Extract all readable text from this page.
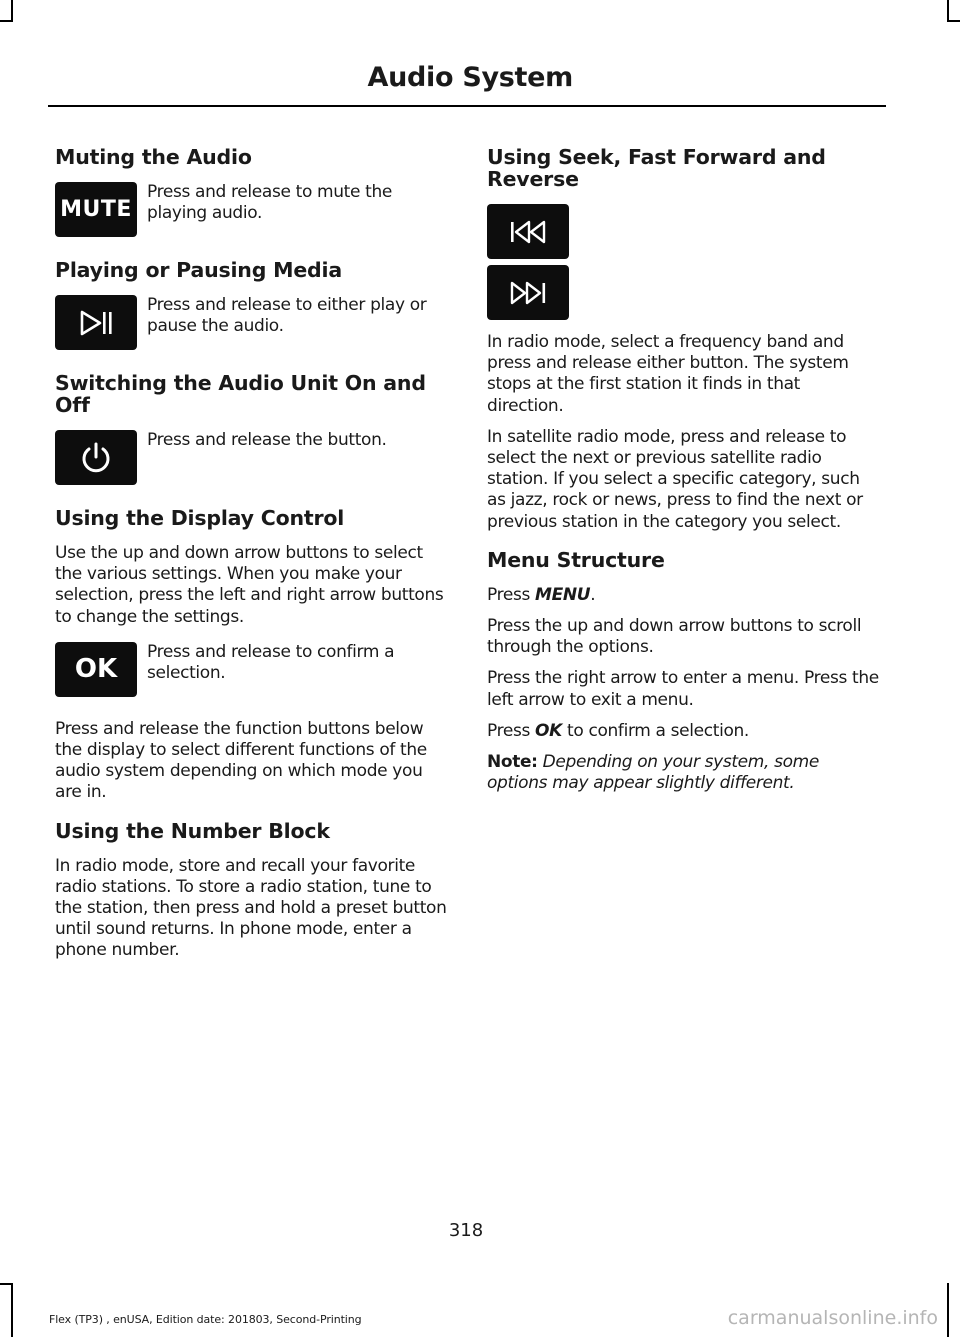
Audio System
Muting the Audio
MUTE

Press and release to mute the playing audio.

Playing or Pausing Media

Press and release to either play or pause the audio.

Switching the Audio Unit On and Off

Press and release the button.

Using the Display Control

Use the up and down arrow buttons to select the various settings. When you make your selection, press the left and right arrow buttons to change the settings.

OK

Press and release to confirm a selection.

Press and release the function buttons below the display to select different functions of the audio system depending on which mode you are in.

Using the Number Block

In radio mode, store and recall your favorite radio stations. To store a radio station, tune to the station, then press and hold a preset button until sound returns. In phone mode, enter a phone number.

Using Seek, Fast Forward and Reverse

In radio mode, select a frequency band and press and release either button. The system stops at the first station it finds in that direction.

In satellite radio mode, press and release to select the next or previous satellite radio station. If you select a specific category, such as jazz, rock or news, press to find the next or previous station in the category you select.

Menu Structure

Press MENU.

Press the up and down arrow buttons to scroll through the options.

Press the right arrow to enter a menu. Press the left arrow to exit a menu.

Press OK to confirm a selection.

Note: Depending on your system, some options may appear slightly different.

318
Flex (TP3) , enUSA, Edition date: 201803, Second-Printing	carmanualsonline.info
